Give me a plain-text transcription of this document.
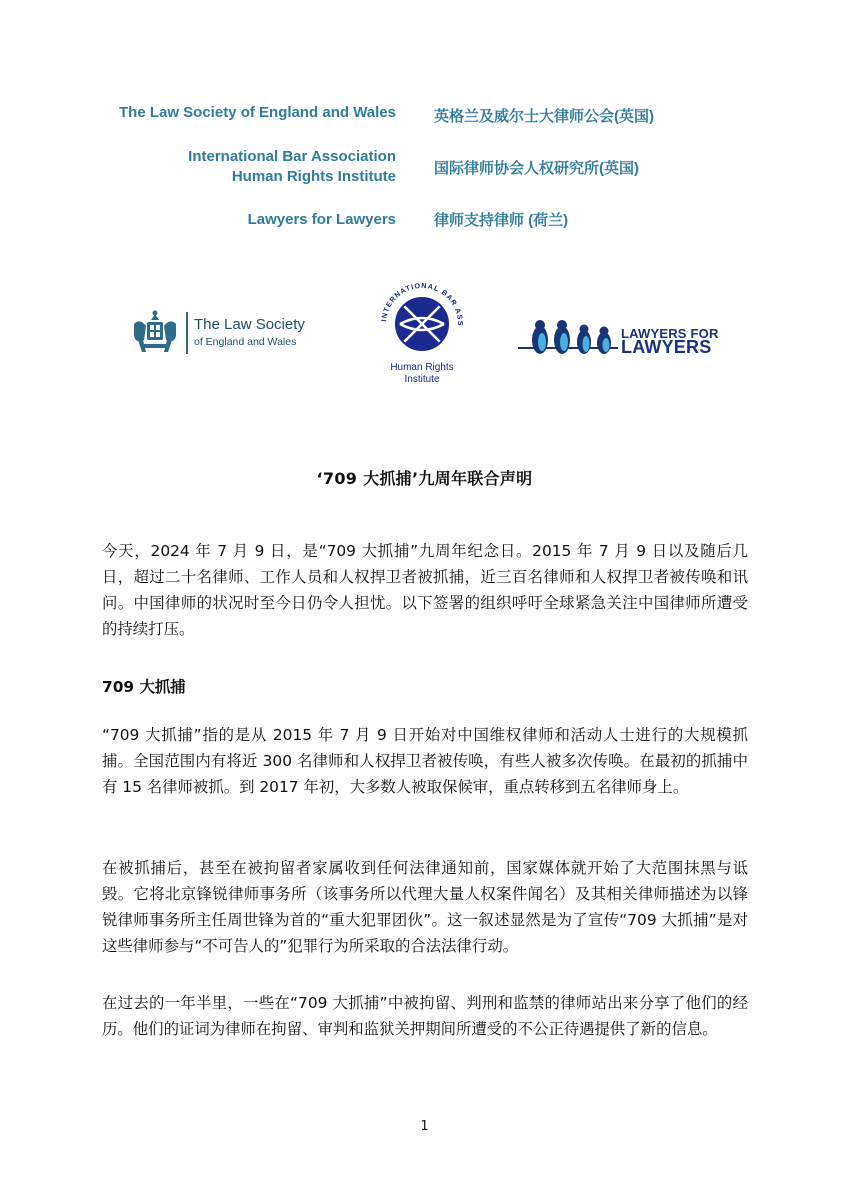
The Law Society of England and Wales	英格兰及威尔士大律师公会(英国)
International Bar Association
Human Rights Institute	国际律师协会人权研究所(英国)
Lawyers for Lawyers	律师支持律师 (荷兰)
The Law Society
of England and Wales
INTERNATIONAL BAR ASS
Human Rights
Institute
LAWYERS FOR
LAWYERS
‘709 大抓捕’九周年联合声明
今天，2024 年 7 月 9 日，是“709 大抓捕”九周年纪念日。2015 年 7 月 9 日以及随后几日，超过二十名律师、工作人员和人权捍卫者被抓捕，近三百名律师和人权捍卫者被传唤和讯问。中国律师的状况时至今日仍令人担忧。以下签署的组织呼吁全球紧急关注中国律师所遭受的持续打压。
709 大抓捕
“709 大抓捕”指的是从 2015 年 7 月 9 日开始对中国维权律师和活动人士进行的大规模抓捕。全国范围内有将近 300 名律师和人权捍卫者被传唤，有些人被多次传唤。在最初的抓捕中有 15 名律师被抓。到 2017 年初，大多数人被取保候审，重点转移到五名律师身上。
在被抓捕后，甚至在被拘留者家属收到任何法律通知前，国家媒体就开始了大范围抹黑与诋毁。它将北京锋锐律师事务所（该事务所以代理大量人权案件闻名）及其相关律师描述为以锋锐律师事务所主任周世锋为首的“重大犯罪团伙”。这一叙述显然是为了宣传“709 大抓捕”是对这些律师参与“不可告人的”犯罪行为所采取的合法法律行动。
在过去的一年半里，一些在“709 大抓捕”中被拘留、判刑和监禁的律师站出来分享了他们的经历。他们的证词为律师在拘留、审判和监狱关押期间所遭受的不公正待遇提供了新的信息。
1
